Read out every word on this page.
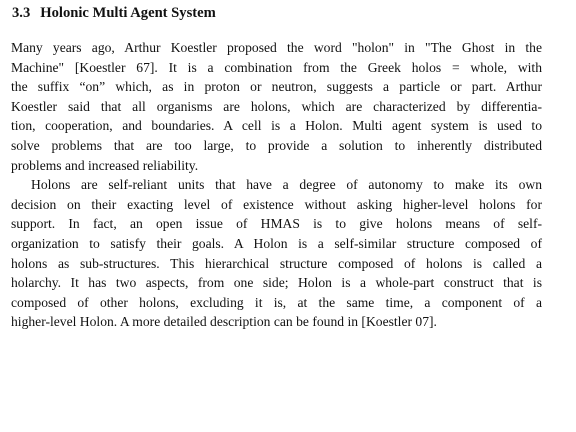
3.3 Holonic Multi Agent System

Many years ago, Arthur Koestler proposed the word "holon" in "The Ghost in the
Machine" [Koestler 67]. It is a combination from the Greek holos = whole, with
the suffix “on” which, as in proton or neutron, suggests a particle or part. Arthur
Koestler said that all organisms are holons, which are characterized by differentia-
tion, cooperation, and boundaries. A cell is a Holon. Multi agent system is used to
solve problems that are too large, to provide a solution to inherently distributed
problems and increased reliability.

Holons are self-reliant units that have a degree of autonomy to make its own
decision on their exacting level of existence without asking higher-level holons for
support. In fact, an open issue of HMAS is to give holons means of self-
organization to satisfy their goals. A Holon is a self-similar structure composed of
holons as sub-structures. This hierarchical structure composed of holons is called a
holarchy. It has two aspects, from one side; Holon is a whole-part construct that is
composed of other holons, excluding it is, at the same time, a component of a
higher-level Holon. A more detailed description can be found in [Koestler 07].
